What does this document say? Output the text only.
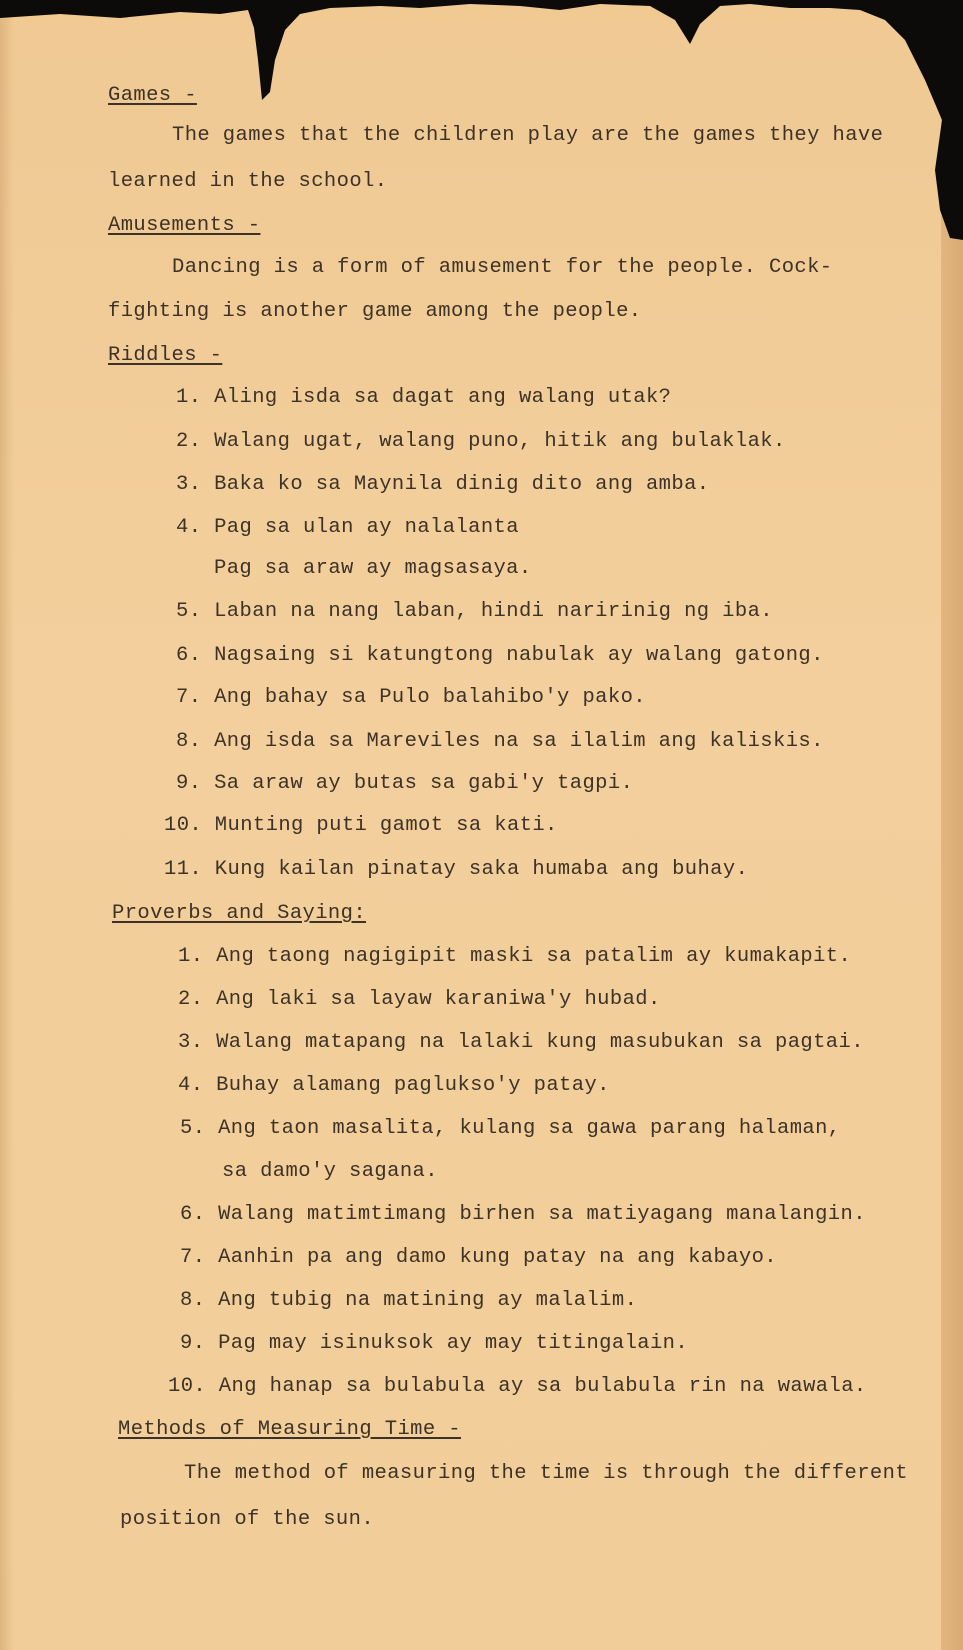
Games -
The games that the children play are the games they have
learned in the school.
Amusements -
Dancing is a form of amusement for the people. Cock-
fighting is another game among the people.
Riddles -
1. Aling isda sa dagat ang walang utak?
2. Walang ugat, walang puno, hitik ang bulaklak.
3. Baka ko sa Maynila dinig dito ang amba.
4. Pag sa ulan ay nalalanta
Pag sa araw ay magsasaya.
5. Laban na nang laban, hindi naririnig ng iba.
6. Nagsaing si katungtong nabulak ay walang gatong.
7. Ang bahay sa Pulo balahibo'y pako.
8. Ang isda sa Mareviles na sa ilalim ang kaliskis.
9. Sa araw ay butas sa gabi'y tagpi.
10. Munting puti gamot sa kati.
11. Kung kailan pinatay saka humaba ang buhay.
Proverbs and Saying:
1. Ang taong nagigipit maski sa patalim ay kumakapit.
2. Ang laki sa layaw karaniwa'y hubad.
3. Walang matapang na lalaki kung masubukan sa pagtai.
4. Buhay alamang paglukso'y patay.
5. Ang taon masalita, kulang sa gawa parang halaman,
sa damo'y sagana.
6. Walang matimtimang birhen sa matiyagang manalangin.
7. Aanhin pa ang damo kung patay na ang kabayo.
8. Ang tubig na matining ay malalim.
9. Pag may isinuksok ay may titingalain.
10. Ang hanap sa bulabula ay sa bulabula rin na wawala.
Methods of Measuring Time -
The method of measuring the time is through the different
position of the sun.
